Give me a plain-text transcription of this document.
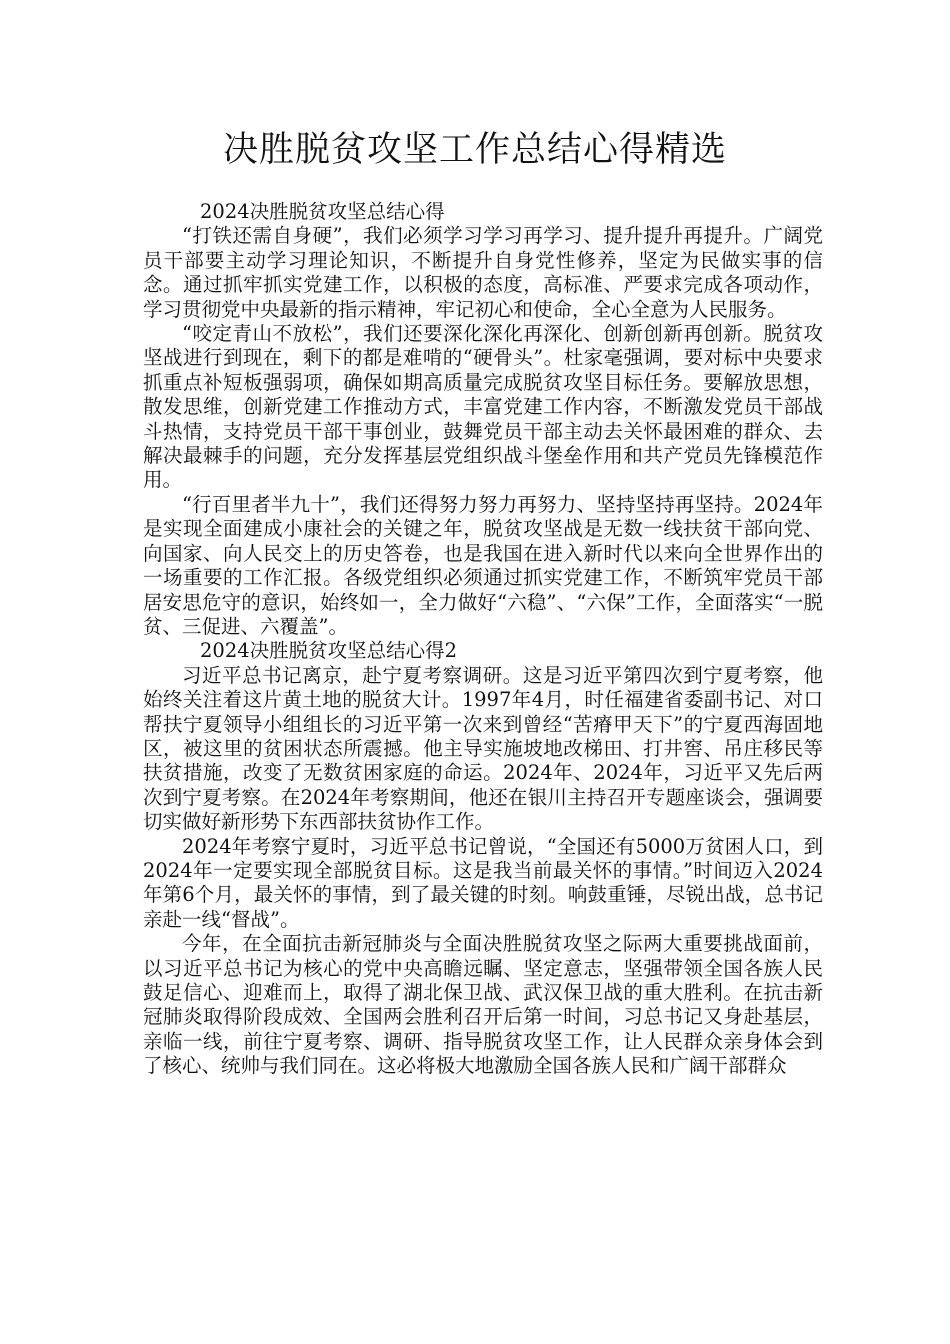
决胜脱贫攻坚工作总结心得精选

2024决胜脱贫攻坚总结心得

“打铁还需自身硬”，我们必须学习学习再学习、提升提升再提升。广阔党员干部要主动学习理论知识，不断提升自身党性修养，坚定为民做实事的信念。通过抓牢抓实党建工作，以积极的态度，高标准、严要求完成各项动作，学习贯彻党中央最新的指示精神，牢记初心和使命，全心全意为人民服务。

“咬定青山不放松”，我们还要深化深化再深化、创新创新再创新。脱贫攻坚战进行到现在，剩下的都是难啃的“硬骨头”。杜家毫强调，要对标中央要求抓重点补短板强弱项，确保如期高质量完成脱贫攻坚目标任务。要解放思想，散发思维，创新党建工作推动方式，丰富党建工作内容，不断激发党员干部战斗热情，支持党员干部干事创业，鼓舞党员干部主动去关怀最困难的群众、去解决最棘手的问题，充分发挥基层党组织战斗堡垒作用和共产党员先锋模范作用。

“行百里者半九十”，我们还得努力努力再努力、坚持坚持再坚持。2024年是实现全面建成小康社会的关键之年，脱贫攻坚战是无数一线扶贫干部向党、向国家、向人民交上的历史答卷，也是我国在进入新时代以来向全世界作出的一场重要的工作汇报。各级党组织必须通过抓实党建工作，不断筑牢党员干部居安思危守的意识，始终如一，全力做好“六稳”、“六保”工作，全面落实“一脱贫、三促进、六覆盖”。

2024决胜脱贫攻坚总结心得2

习近平总书记离京，赴宁夏考察调研。这是习近平第四次到宁夏考察，他始终关注着这片黄土地的脱贫大计。1997年4月，时任福建省委副书记、对口帮扶宁夏领导小组组长的习近平第一次来到曾经“苦瘠甲天下”的宁夏西海固地区，被这里的贫困状态所震撼。他主导实施坡地改梯田、打井窖、吊庄移民等扶贫措施，改变了无数贫困家庭的命运。2024年、2024年，习近平又先后两次到宁夏考察。在2024年考察期间，他还在银川主持召开专题座谈会，强调要切实做好新形势下东西部扶贫协作工作。

2024年考察宁夏时，习近平总书记曾说，“全国还有5000万贫困人口，到2024年一定要实现全部脱贫目标。这是我当前最关怀的事情。”时间迈入2024年第6个月，最关怀的事情，到了最关键的时刻。响鼓重锤，尽锐出战，总书记亲赴一线“督战”。

今年，在全面抗击新冠肺炎与全面决胜脱贫攻坚之际两大重要挑战面前，以习近平总书记为核心的党中央高瞻远瞩、坚定意志，坚强带领全国各族人民鼓足信心、迎难而上，取得了湖北保卫战、武汉保卫战的重大胜利。在抗击新冠肺炎取得阶段成效、全国两会胜利召开后第一时间，习总书记又身赴基层，亲临一线，前往宁夏考察、调研、指导脱贫攻坚工作，让人民群众亲身体会到了核心、统帅与我们同在。这必将极大地激励全国各族人民和广阔干部群众
